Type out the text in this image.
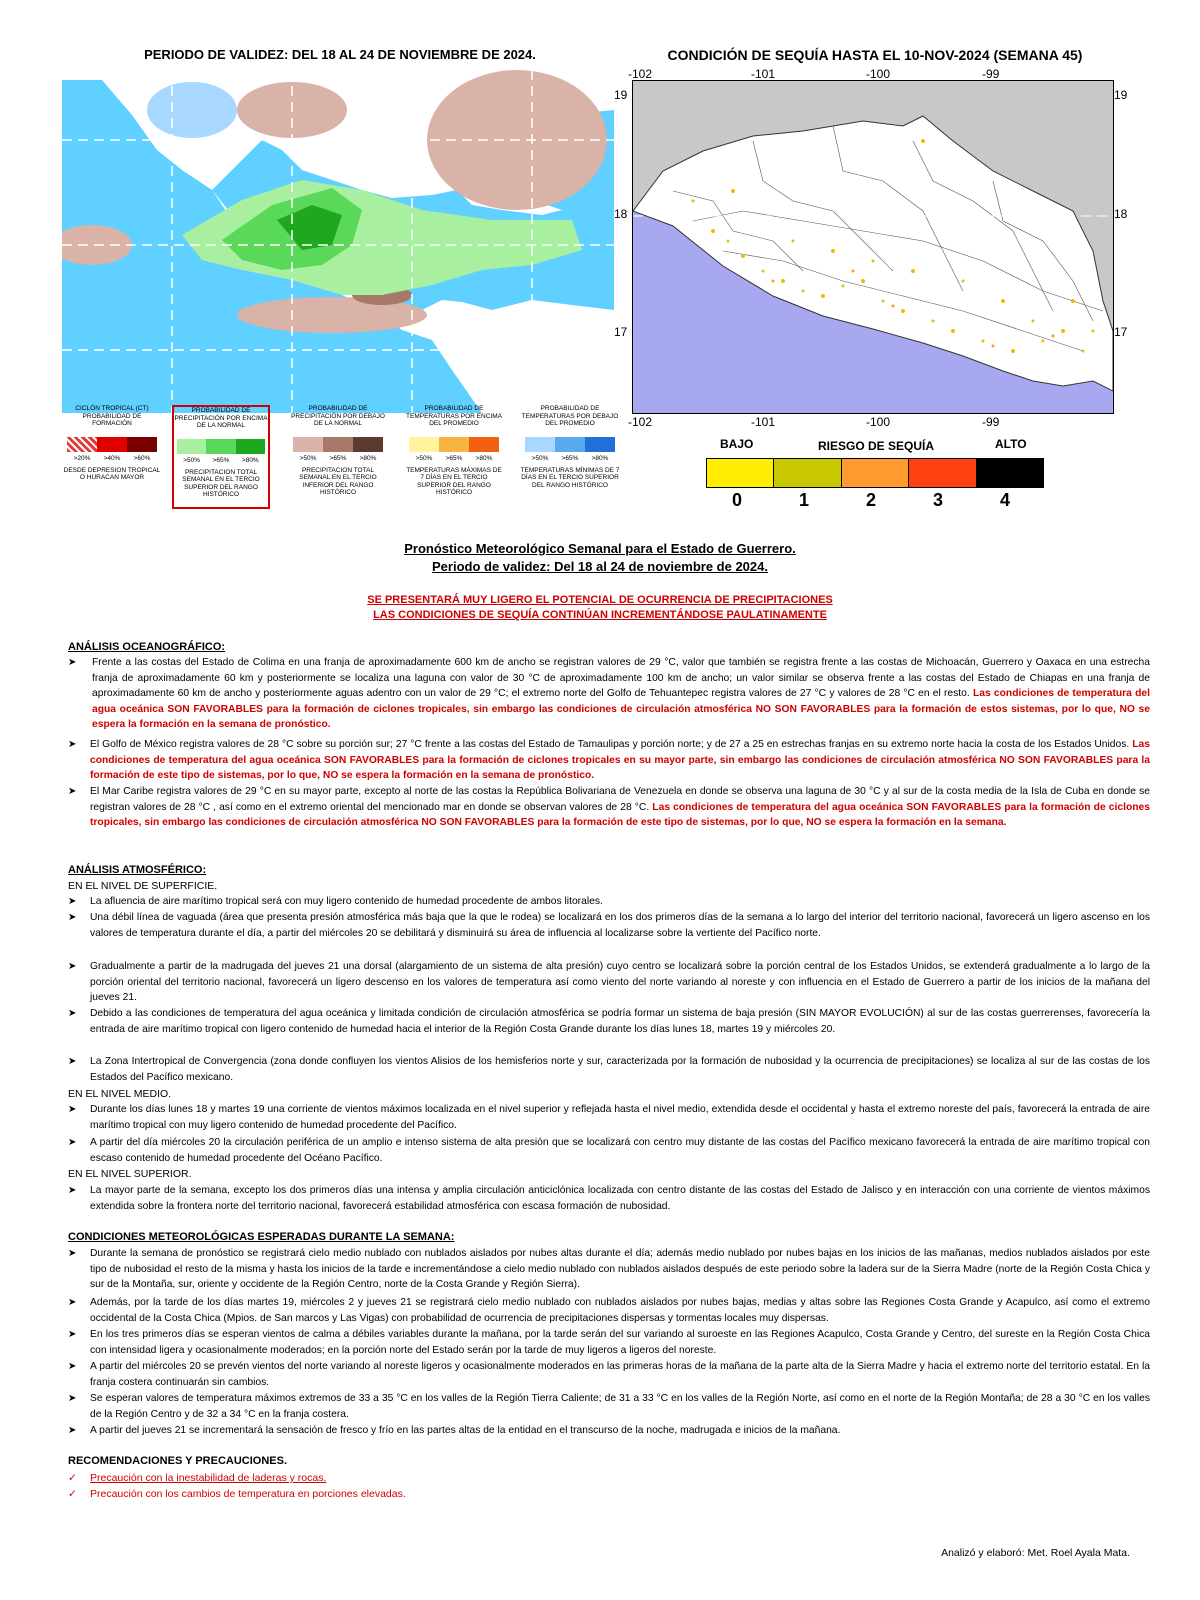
PERIODO DE VALIDEZ: DEL 18 AL 24 DE NOVIEMBRE DE 2024.
CICLÓN TROPICAL (CT) PROBABILIDAD DE FORMACIÓN
>20%	>40%	>60%
DESDE DEPRESION TROPICAL O HURACAN MAYOR
PROBABILIDAD DE PRECIPITACIÓN POR ENCIMA DE LA NORMAL
>50%	>65%	>80%
PRECIPITACION TOTAL SEMANAL EN EL TERCIO SUPERIOR DEL RANGO HISTÓRICO
PROBABILIDAD DE PRECIPITACIÓN POR DEBAJO DE LA NORMAL
>50%	>65%	>80%
PRECIPITACION TOTAL SEMANAL EN EL TERCIO INFERIOR DEL RANGO HISTÓRICO
PROBABILIDAD DE TEMPERATURAS POR ENCIMA DEL PROMEDIO
>50%	>65%	>80%
TEMPERATURAS MÁXIMAS DE 7 DÍAS EN EL TERCIO SUPERIOR DEL RANGO HISTÓRICO
PROBABILIDAD DE TEMPERATURAS POR DEBAJO DEL PROMEDIO
>50%	>65%	>80%
TEMPERATURAS MÍNIMAS DE 7 DÍAS EN EL TERCIO SUPERIOR DEL RANGO HISTÓRICO
CONDICIÓN DE SEQUÍA HASTA EL 10-NOV-2024 (SEMANA 45)
-102	-101	-100	-99
19
18
17
19
18
17
-102	-101	-100	-99
BAJO	RIESGO DE SEQUÍA	ALTO
0	1	2	3	4
Pronóstico Meteorológico Semanal para el Estado de Guerrero.
Periodo de validez: Del 18 al 24 de noviembre de 2024.
SE PRESENTARÁ MUY LIGERO EL POTENCIAL DE OCURRENCIA DE PRECIPITACIONES
LAS CONDICIONES DE SEQUÍA CONTINÚAN INCREMENTÁNDOSE PAULATINAMENTE
ANÁLISIS OCEANOGRÁFICO:
➤ Frente a las costas del Estado de Colima en una franja de aproximadamente 600 km de ancho se registran valores de 29 °C, valor que también se registra frente a las costas de Michoacán, Guerrero y Oaxaca en una estrecha franja de aproximadamente 60 km y posteriormente se localiza una laguna con valor de 30 °C de aproximadamente 100 km de ancho; un valor similar se observa frente a las costas del Estado de Chiapas en una franja de aproximadamente 60 km de ancho y posteriormente aguas adentro con un valor de 29 °C; el extremo norte del Golfo de Tehuantepec registra valores de 27 °C y valores de 28 °C en el resto. Las condiciones de temperatura del agua oceánica SON FAVORABLES para la formación de ciclones tropicales, sin embargo las condiciones de circulación atmosférica NO SON FAVORABLES para la formación de estos sistemas, por lo que, NO se espera la formación en la semana de pronóstico.
➤ El Golfo de México registra valores de 28 °C sobre su porción sur; 27 °C frente a las costas del Estado de Tamaulipas y porción norte; y de 27 a 25 en estrechas franjas en su extremo norte hacia la costa de los Estados Unidos. Las condiciones de temperatura del agua oceánica SON FAVORABLES para la formación de ciclones tropicales en su mayor parte, sin embargo las condiciones de circulación atmosférica NO SON FAVORABLES para la formación de este tipo de sistemas, por lo que, NO se espera la formación en la semana de pronóstico.
➤ El Mar Caribe registra valores de 29 °C en su mayor parte, excepto al norte de las costas la República Bolivariana de Venezuela en donde se observa una laguna de 30 °C y al sur de la costa media de la Isla de Cuba en donde se registran valores de 28 °C , así como en el extremo oriental del mencionado mar en donde se observan valores de 28 °C. Las condiciones de temperatura del agua oceánica SON FAVORABLES para la formación de ciclones tropicales, sin embargo las condiciones de circulación atmosférica NO SON FAVORABLES para la formación de este tipo de sistemas, por lo que, NO se espera la formación en la semana.
ANÁLISIS ATMOSFÉRICO:
EN EL NIVEL DE SUPERFICIE.
➤ La afluencia de aire marítimo tropical será con muy ligero contenido de humedad procedente de ambos litorales.
➤ Una débil línea de vaguada (área que presenta presión atmosférica más baja que la que le rodea) se localizará en los dos primeros días de la semana a lo largo del interior del territorio nacional, favorecerá un ligero ascenso en los valores de temperatura durante el día, a partir del miércoles 20 se debilitará y disminuirá su área de influencia al localizarse sobre la vertiente del Pacífico norte.
➤ Gradualmente a partir de la madrugada del jueves 21 una dorsal (alargamiento de un sistema de alta presión) cuyo centro se localizará sobre la porción central de los Estados Unidos, se extenderá gradualmente a lo largo de la porción oriental del territorio nacional, favorecerá un ligero descenso en los valores de temperatura así como viento del norte variando al noreste y con influencia en el Estado de Guerrero a partir de los inicios de la mañana del jueves 21.
➤ Debido a las condiciones de temperatura del agua oceánica y limitada condición de circulación atmosférica se podría formar un sistema de baja presión (SIN MAYOR EVOLUCIÓN) al sur de las costas guerrerenses, favorecería la entrada de aire marítimo tropical con ligero contenido de humedad hacia el interior de la Región Costa Grande durante los días lunes 18, martes 19 y miércoles 20.
➤ La Zona Intertropical de Convergencia (zona donde confluyen los vientos Alisios de los hemisferios norte y sur, caracterizada por la formación de nubosidad y la ocurrencia de precipitaciones) se localiza al sur de las costas de los Estados del Pacífico mexicano.
EN EL NIVEL MEDIO.
➤ Durante los días lunes 18 y martes 19 una corriente de vientos máximos localizada en el nivel superior y reflejada hasta el nivel medio, extendida desde el occidental y hasta el extremo noreste del país, favorecerá la entrada de aire marítimo tropical con muy ligero contenido de humedad procedente del Pacífico.
➤ A partir del día miércoles 20 la circulación periférica de un amplio e intenso sistema de alta presión que se localizará con centro muy distante de las costas del Pacífico mexicano favorecerá la entrada de aire marítimo tropical con escaso contenido de humedad procedente del Océano Pacífico.
EN EL NIVEL SUPERIOR.
➤ La mayor parte de la semana, excepto los dos primeros días una intensa y amplia circulación anticiclónica localizada con centro distante de las costas del Estado de Jalisco y en interacción con una corriente de vientos máximos extendida sobre la frontera norte del territorio nacional, favorecerá estabilidad atmosférica con escasa formación de nubosidad.
CONDICIONES METEOROLÓGICAS ESPERADAS DURANTE LA SEMANA:
➤ Durante la semana de pronóstico se registrará cielo medio nublado con nublados aislados por nubes altas durante el día; además medio nublado por nubes bajas en los inicios de las mañanas, medios nublados aislados por este tipo de nubosidad el resto de la misma y hasta los inicios de la tarde e incrementándose a cielo medio nublado con nublados aislados después de este periodo sobre la ladera sur de la Sierra Madre (norte de la Región Costa Chica y sur de la Montaña, sur, oriente y occidente de la Región Centro, norte de la Costa Grande y Región Sierra).
➤ Además, por la tarde de los días martes 19, miércoles 2 y jueves 21 se registrará cielo medio nublado con nublados aislados por nubes bajas, medias y altas sobre las Regiones Costa Grande y Acapulco, así como el extremo occidental de la Costa Chica (Mpios. de San marcos y Las Vigas) con probabilidad de ocurrencia de precipitaciones dispersas y tormentas locales muy dispersas.
➤ En los tres primeros días se esperan vientos de calma a débiles variables durante la mañana, por la tarde serán del sur variando al suroeste en las Regiones Acapulco, Costa Grande y Centro, del sureste en la Región Costa Chica con intensidad ligera y ocasionalmente moderados; en la porción norte del Estado serán por la tarde de muy ligeros a ligeros del noreste.
➤ A partir del miércoles 20 se prevén vientos del norte variando al noreste ligeros y ocasionalmente moderados en las primeras horas de la mañana de la parte alta de la Sierra Madre y hacia el extremo norte del territorio estatal. En la franja costera continuarán sin cambios.
➤ Se esperan valores de temperatura máximos extremos de 33 a 35 °C en los valles de la Región Tierra Caliente; de 31 a 33 °C en los valles de la Región Norte, así como en el norte de la Región Montaña; de 28 a 30 °C en los valles de la Región Centro y de 32 a 34 °C en la franja costera.
➤ A partir del jueves 21 se incrementará la sensación de fresco y frío en las partes altas de la entidad en el transcurso de la noche, madrugada e inicios de la mañana.
RECOMENDACIONES Y PRECAUCIONES.
✓ Precaución con la inestabilidad de laderas y rocas.
✓ Precaución con los cambios de temperatura en porciones elevadas.
Analizó y elaboró: Met. Roel Ayala Mata.
